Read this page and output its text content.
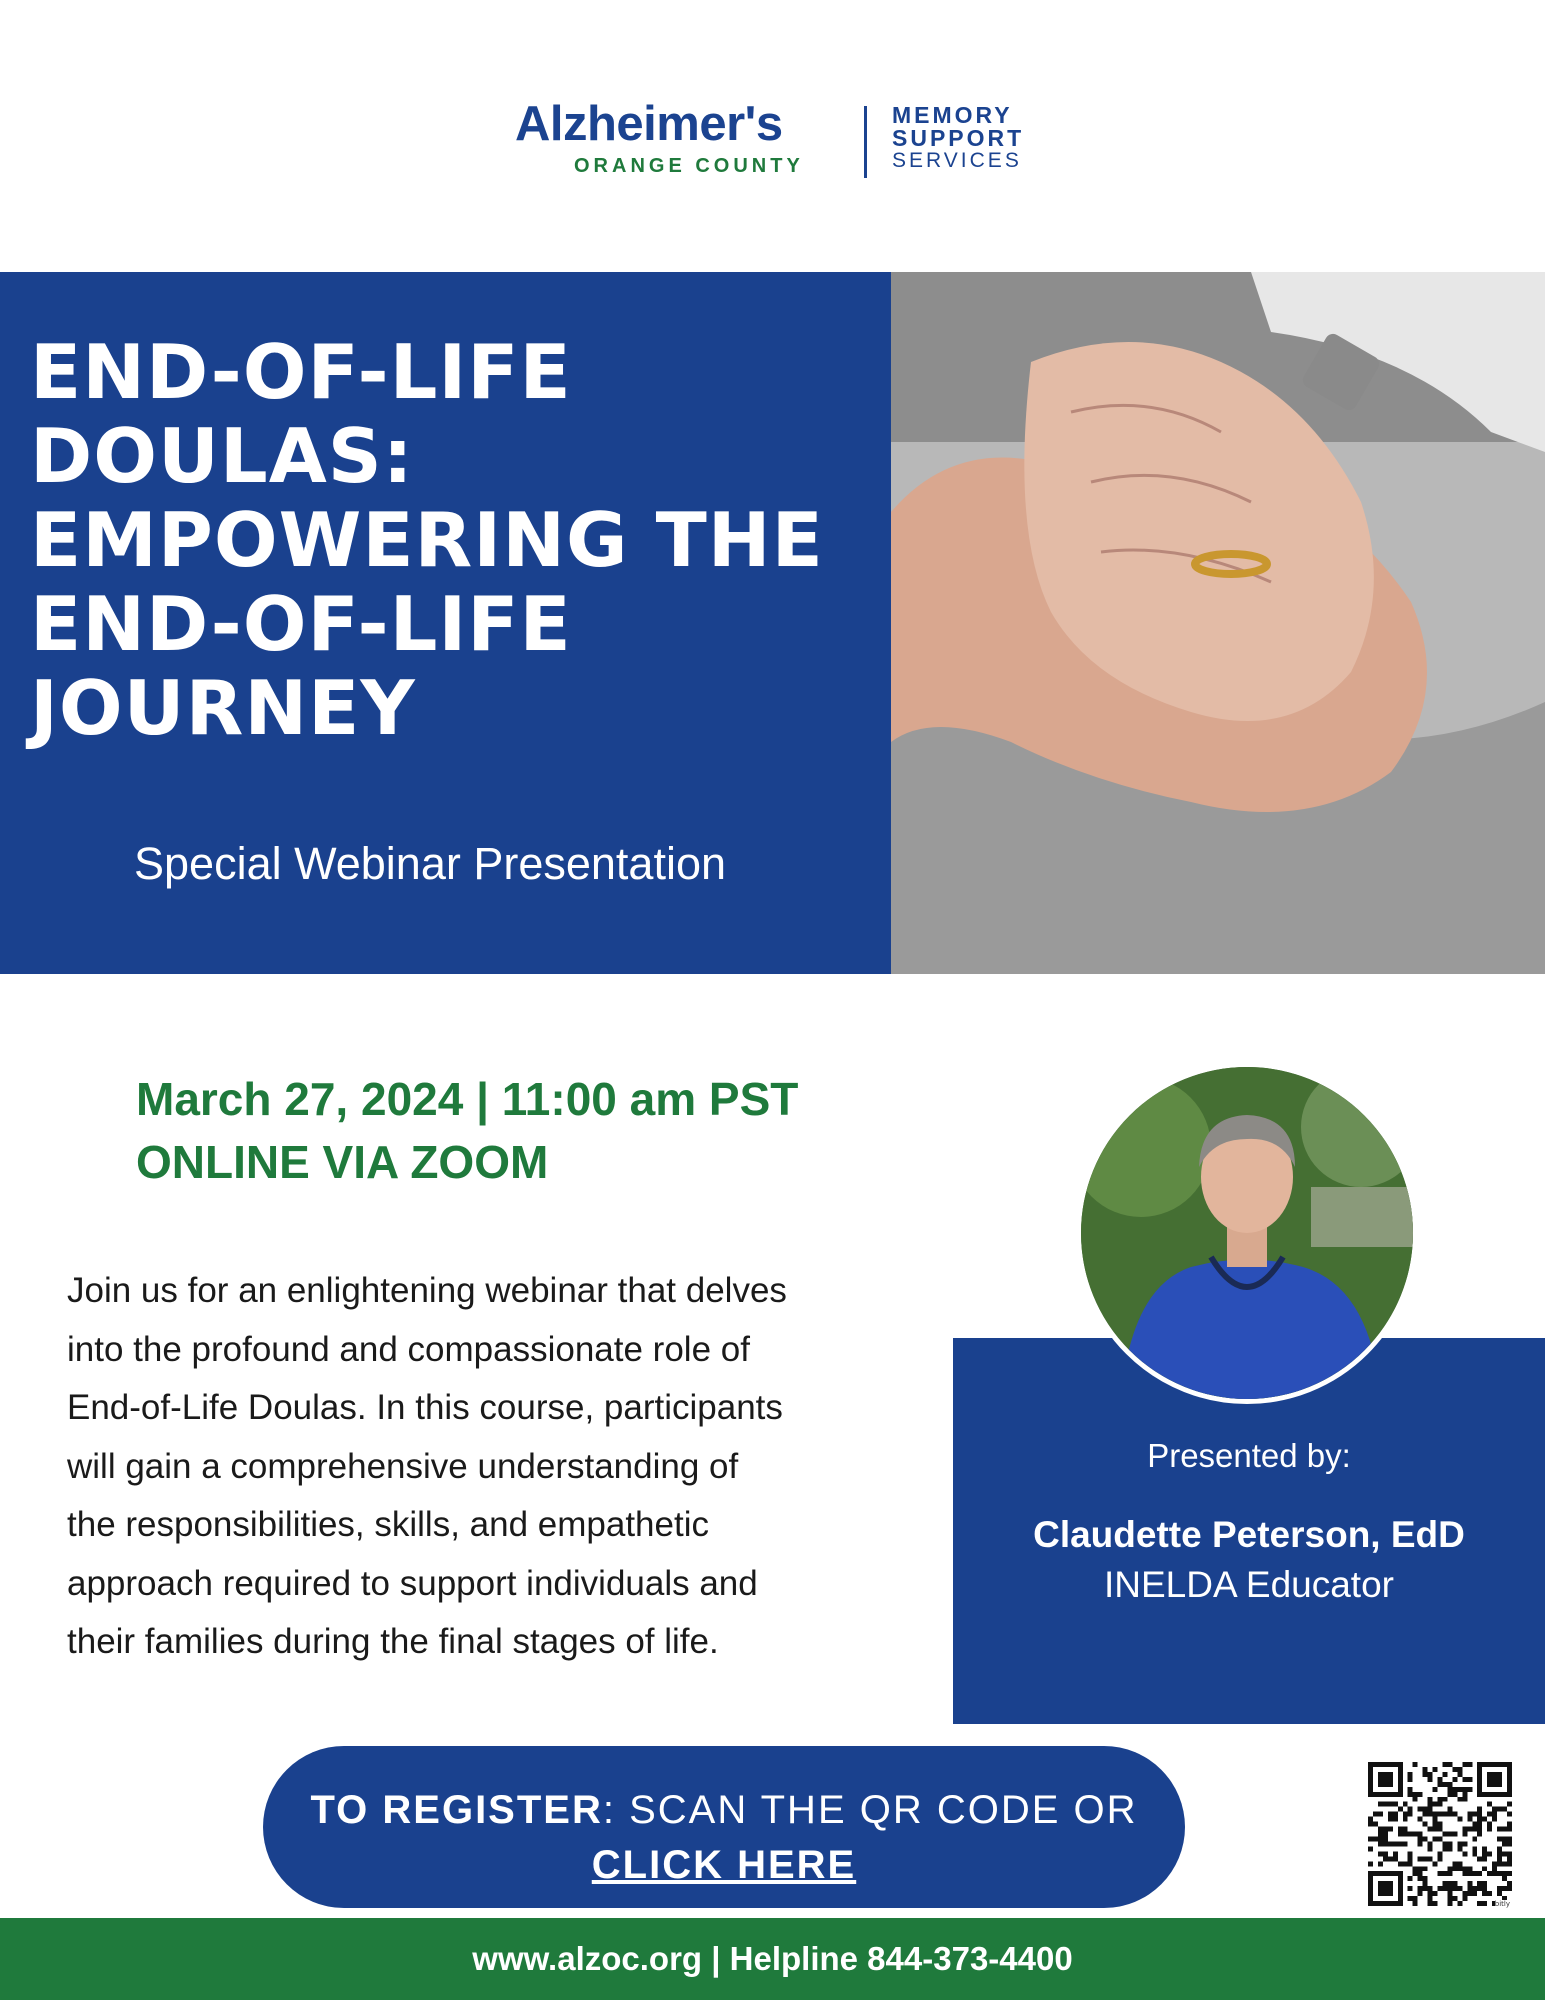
Alzheimer's
ORANGE COUNTY
MEMORY
SUPPORT
SERVICES
END-OF-LIFE
DOULAS:
EMPOWERING THE
END-OF-LIFE
JOURNEY
Special Webinar Presentation
March 27, 2024 | 11:00 am PST
ONLINE VIA ZOOM
Join us for an enlightening webinar that delves
into the profound and compassionate role of
End-of-Life Doulas. In this course, participants
will gain a comprehensive understanding of
the responsibilities, skills, and empathetic
approach required to support individuals and
their families during the final stages of life.
Presented by:
Claudette Peterson, EdD
INELDA Educator
TO REGISTER: SCAN THE QR CODE OR
CLICK HERE
bitly
www.alzoc.org | Helpline 844-373-4400
